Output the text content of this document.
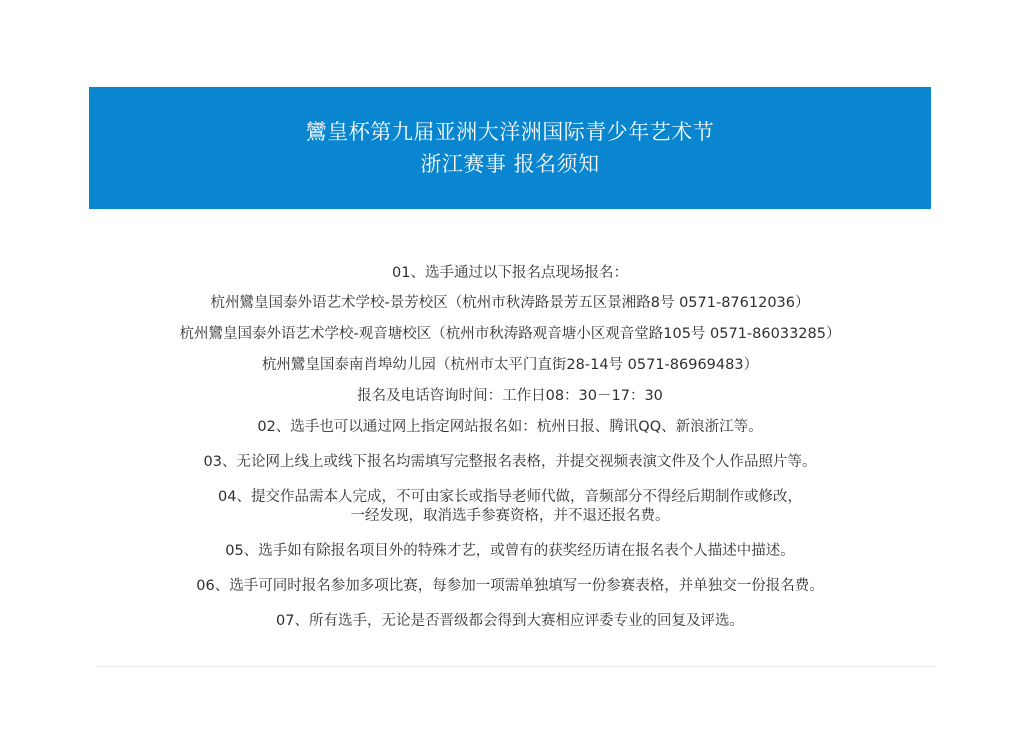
鸞皇杯第九届亚洲大洋洲国际青少年艺术节
浙江赛事 报名须知
01、选手通过以下报名点现场报名：
杭州鸞皇国泰外语艺术学校-景芳校区（杭州市秋涛路景芳五区景湘路8号 0571-87612036）
杭州鸞皇国泰外语艺术学校-观音塘校区（杭州市秋涛路观音塘小区观音堂路105号 0571-86033285）
杭州鸞皇国泰南肖埠幼儿园（杭州市太平门直街28-14号 0571-86969483）
报名及电话咨询时间：工作日08：30－17：30
02、选手也可以通过网上指定网站报名如：杭州日报、腾讯QQ、新浪浙江等。
03、无论网上线上或线下报名均需填写完整报名表格，并提交视频表演文件及个人作品照片等。
04、提交作品需本人完成，不可由家长或指导老师代做，音频部分不得经后期制作或修改，
一经发现，取消选手参赛资格，并不退还报名费。
05、选手如有除报名项目外的特殊才艺，或曾有的获奖经历请在报名表个人描述中描述。
06、选手可同时报名参加多项比赛，每参加一项需单独填写一份参赛表格，并单独交一份报名费。
07、所有选手，无论是否晋级都会得到大赛相应评委专业的回复及评选。
